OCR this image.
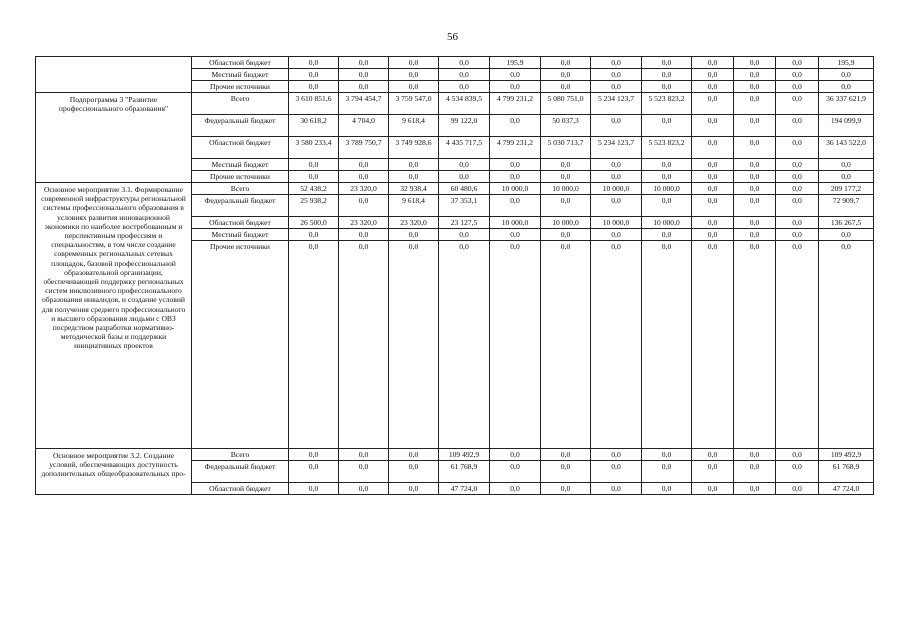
56
	Областной бюджет	0,0	0,0	0,0	0,0	195,9	0,0	0,0	0,0	0,0	0,0	0,0	195,9
	Местный бюджет	0,0	0,0	0,0	0,0	0,0	0,0	0,0	0,0	0,0	0,0	0,0	0,0
	Прочие источники	0,0	0,0	0,0	0,0	0,0	0,0	0,0	0,0	0,0	0,0	0,0	0,0
Подпрограмма 3 "Развитие профессионального образования"	Всего	3 610 851,6	3 794 454,7	3 759 547,0	4 534 839,5	4 799 231,2	5 080 751,0	5 234 123,7	5 523 823,2	0,0	0,0	0,0	36 337 621,9
	Федеральный бюджет	30 618,2	4 704,0	9 618,4	99 122,0	0,0	50 037,3	0,0	0,0	0,0	0,0	0,0	194 099,9
	Областной бюджет	3 580 233,4	3 789 750,7	3 749 928,6	4 435 717,5	4 799 231,2	5 030 713,7	5 234 123,7	5 523 823,2	0,0	0,0	0,0	36 143 522,0
	Местный бюджет	0,0	0,0	0,0	0,0	0,0	0,0	0,0	0,0	0,0	0,0	0,0	0,0
	Прочие источники	0,0	0,0	0,0	0,0	0,0	0,0	0,0	0,0	0,0	0,0	0,0	0,0
Основное мероприятие 3.1. Формирование современной инфраструктуры региональной системы профессионального образования в условиях развития инновационной экономики по наиболее востребованным и перспективным профессиям и специальностям, в том числе создание современных региональных сетевых площадок, базовой профессиональной образовательной организации, обеспечивающей поддержку региональных систем инклюзивного профессионального образования инвалидов, и создание условий для получения среднего профессионального и высшего образования людьми с ОВЗ посредством разработки нормативно-методической базы и поддержки инициативных проектов	Всего	52 438,2	23 320,0	32 938,4	60 480,6	10 000,0	10 000,0	10 000,0	10 000,0	0,0	0,0	0,0	209 177,2
	Федеральный бюджет	25 938,2	0,0	9 618,4	37 353,1	0,0	0,0	0,0	0,0	0,0	0,0	0,0	72 909,7
	Областной бюджет	26 500,0	23 320,0	23 320,0	23 127,5	10 000,0	10 000,0	10 000,0	10 000,0	0,0	0,0	0,0	136 267,5
	Местный бюджет	0,0	0,0	0,0	0,0	0,0	0,0	0,0	0,0	0,0	0,0	0,0	0,0
	Прочие источники	0,0	0,0	0,0	0,0	0,0	0,0	0,0	0,0	0,0	0,0	0,0	0,0
Основное мероприятие 3.2. Создание условий, обеспечивающих доступность дополнительных общеобразовательных про-	Всего	0,0	0,0	0,0	109 492,9	0,0	0,0	0,0	0,0	0,0	0,0	0,0	109 492,9
	Федеральный бюджет	0,0	0,0	0,0	61 768,9	0,0	0,0	0,0	0,0	0,0	0,0	0,0	61 768,9
	Областной бюджет	0,0	0,0	0,0	47 724,0	0,0	0,0	0,0	0,0	0,0	0,0	0,0	47 724,0
